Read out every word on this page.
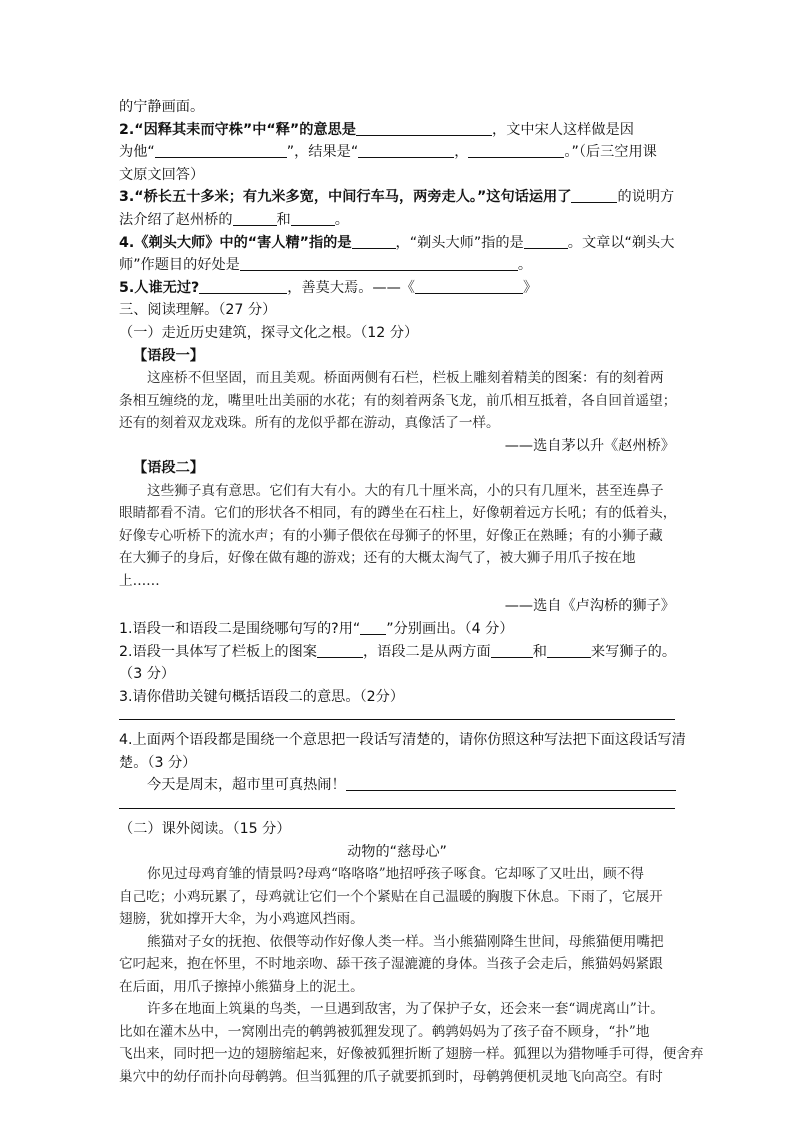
的宁静画面。
2.“因释其耒而守株”中“释”的意思是	，文中宋人这样做是因
为他“	”，结果是“	，	。”（后三空用课
文原文回答）
3.“桥长五十多米；有九米多宽，中间行车马，两旁走人。”这句话运用了	的说明方
法介绍了赵州桥的	和	。
4.《剃头大师》中的“害人精”指的是	，“剃头大师”指的是	。文章以“剃头大
师”作题目的好处是	。
5.人谁无过?	，善莫大焉。——《	》
三、阅读理解。（27 分）
（一）走近历史建筑，探寻文化之根。（12 分）
【语段一】
这座桥不但坚固，而且美观。桥面两侧有石栏，栏板上雕刻着精美的图案：有的刻着两
条相互缠绕的龙，嘴里吐出美丽的水花；有的刻着两条飞龙，前爪相互抵着，各自回首遥望；
还有的刻着双龙戏珠。所有的龙似乎都在游动，真像活了一样。
——选自茅以升《赵州桥》
【语段二】
这些狮子真有意思。它们有大有小。大的有几十厘米高，小的只有几厘米，甚至连鼻子
眼睛都看不清。它们的形状各不相同，有的蹲坐在石柱上，好像朝着远方长吼；有的低着头，
好像专心听桥下的流水声；有的小狮子偎依在母狮子的怀里，好像正在熟睡；有的小狮子藏
在大狮子的身后，好像在做有趣的游戏；还有的大概太淘气了，被大狮子用爪子按在地
上……
——选自《卢沟桥的狮子》
1.语段一和语段二是围绕哪句写的?用“ ”分别画出。（4 分）
2.语段一具体写了栏板上的图案	，语段二是从两方面	和	来写狮子的。
（3 分）
3.请你借助关键句概括语段二的意思。（2分）
4.上面两个语段都是围绕一个意思把一段话写清楚的，请你仿照这种写法把下面这段话写清
楚。（3 分）
今天是周末，超市里可真热闹！
（二）课外阅读。（15 分）
动物的“慈母心”
你见过母鸡育雏的情景吗?母鸡“咯咯咯”地招呼孩子啄食。它却啄了又吐出，顾不得
自己吃；小鸡玩累了，母鸡就让它们一个个紧贴在自己温暖的胸腹下休息。下雨了，它展开
翅膀，犹如撑开大伞，为小鸡遮风挡雨。
熊猫对子女的抚抱、依偎等动作好像人类一样。当小熊猫刚降生世间，母熊猫便用嘴把
它叼起来，抱在怀里，不时地亲吻、舔干孩子湿漉漉的身体。当孩子会走后，熊猫妈妈紧跟
在后面，用爪子擦掉小熊猫身上的泥土。
许多在地面上筑巢的鸟类，一旦遇到敌害，为了保护子女，还会来一套“调虎离山”计。
比如在灌木丛中，一窝刚出壳的鹌鹑被狐狸发现了。鹌鹑妈妈为了孩子奋不顾身，“扑”地
飞出来，同时把一边的翅膀缩起来，好像被狐狸折断了翅膀一样。狐狸以为猎物唾手可得，便舍弃
巢穴中的幼仔而扑向母鹌鹑。但当狐狸的爪子就要抓到时，母鹌鹑便机灵地飞向高空。有时
